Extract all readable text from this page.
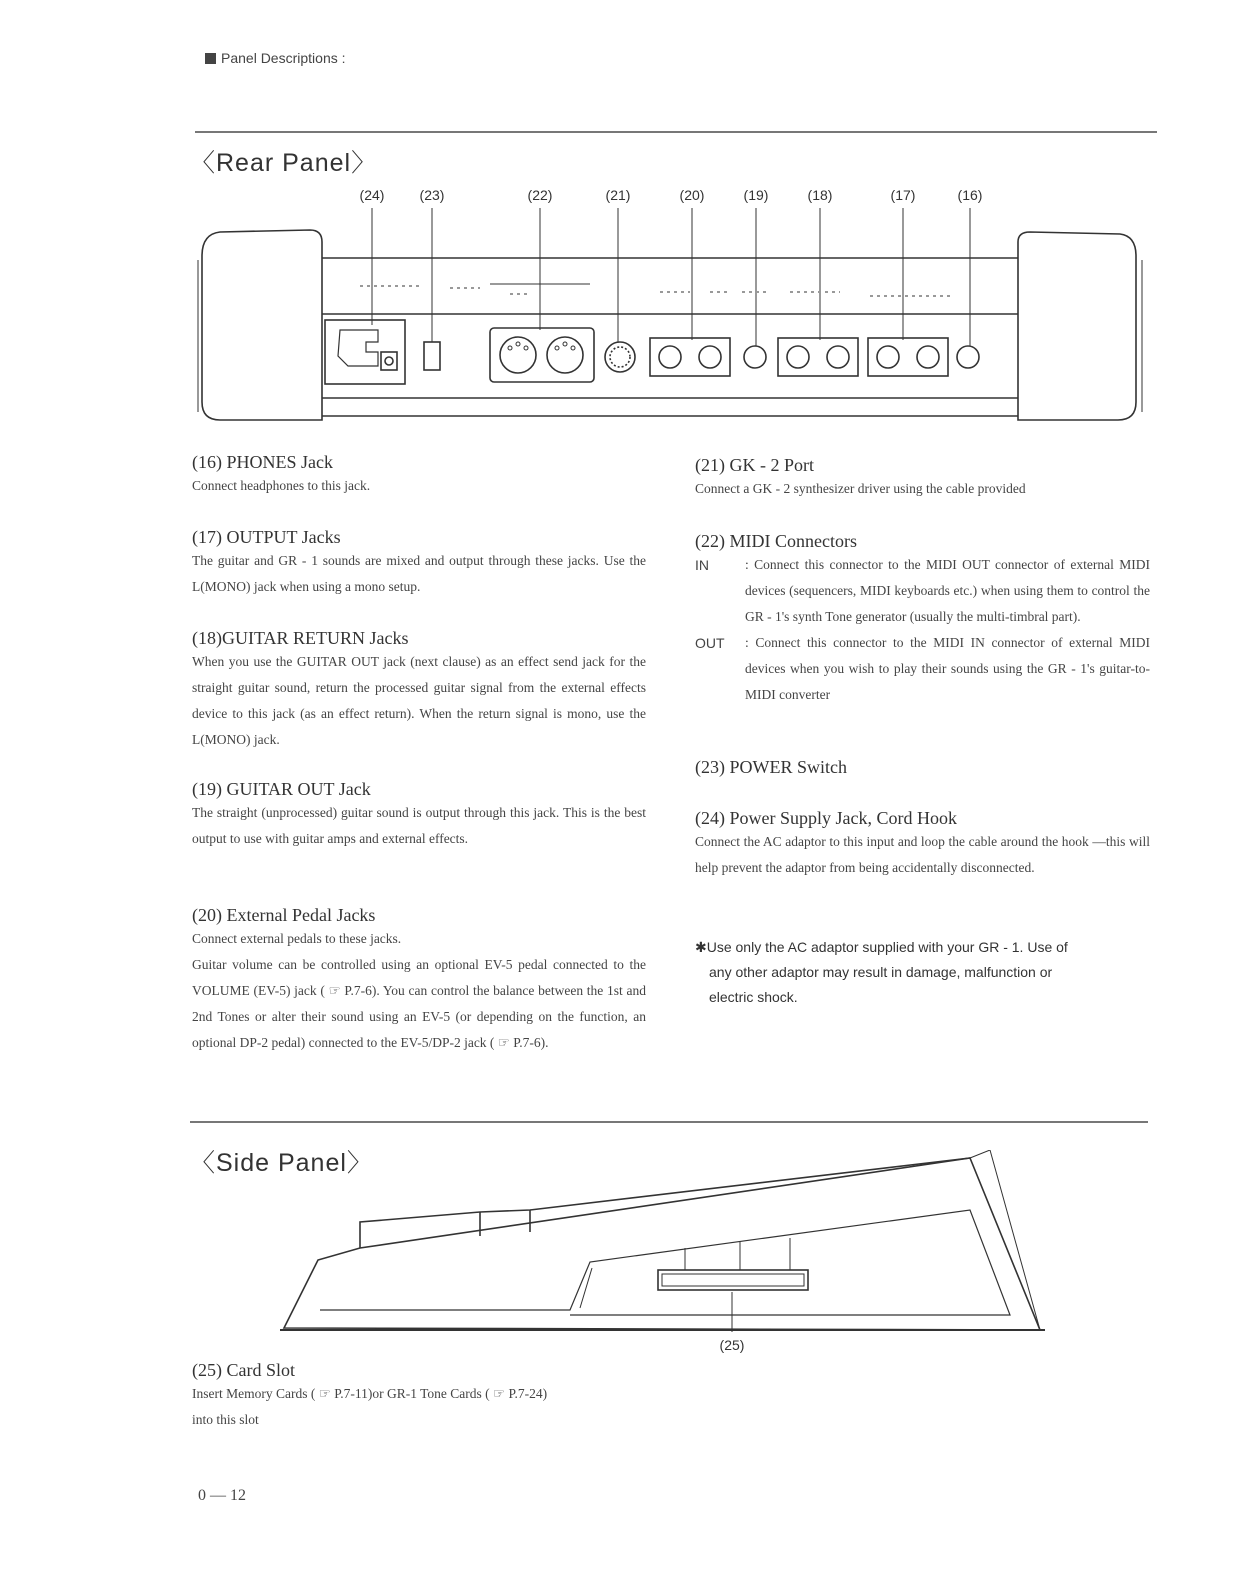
Panel Descriptions :
〈Rear Panel〉
(24)	(23)	(22)	(21)	(20)	(19)	(18)	(17)	(16)
(16) PHONES Jack

Connect headphones to this jack.

(17) OUTPUT Jacks

The guitar and GR - 1 sounds are mixed and output through these jacks. Use the L(MONO) jack when using a mono setup.

(18)GUITAR RETURN Jacks

When you use the GUITAR OUT jack (next clause) as an effect send jack for the straight guitar sound, return the processed guitar signal from the external effects device to this jack (as an effect return). When the return signal is mono, use the L(MONO) jack.

(19) GUITAR OUT Jack

The straight (unprocessed) guitar sound is output through this jack. This is the best output to use with guitar amps and external effects.

(20) External Pedal Jacks

Connect external pedals to these jacks.

Guitar volume can be controlled using an optional EV-5 pedal connected to the VOLUME (EV-5) jack ( ☞ P.7-6). You can control the balance between the 1st and 2nd Tones or alter their sound using an EV-5 (or depending on the function, an optional DP-2 pedal) connected to the EV-5/DP-2 jack ( ☞ P.7-6).

(21) GK - 2 Port

Connect a GK - 2 synthesizer driver using the cable provided

(22) MIDI Connectors
IN	: Connect this connector to the MIDI OUT connector of external MIDI devices (sequencers, MIDI keyboards etc.) when using them to control the GR - 1's synth Tone generator (usually the multi-timbral part).
OUT	: Connect this connector to the MIDI IN connector of external MIDI devices when you wish to play their sounds using the GR - 1's guitar-to-MIDI converter
(23) POWER Switch
(24) Power Supply Jack, Cord Hook

Connect the AC adaptor to this input and loop the cable around the hook —this will help prevent the adaptor from being accidentally disconnected.

✱Use only the AC adaptor supplied with your GR - 1. Use of
any other adaptor may result in damage, malfunction or
electric shock.
〈Side Panel〉
(25)
(25) Card Slot

Insert Memory Cards ( ☞ P.7-11)or GR-1 Tone Cards ( ☞ P.7-24)

into this slot

0 — 12
